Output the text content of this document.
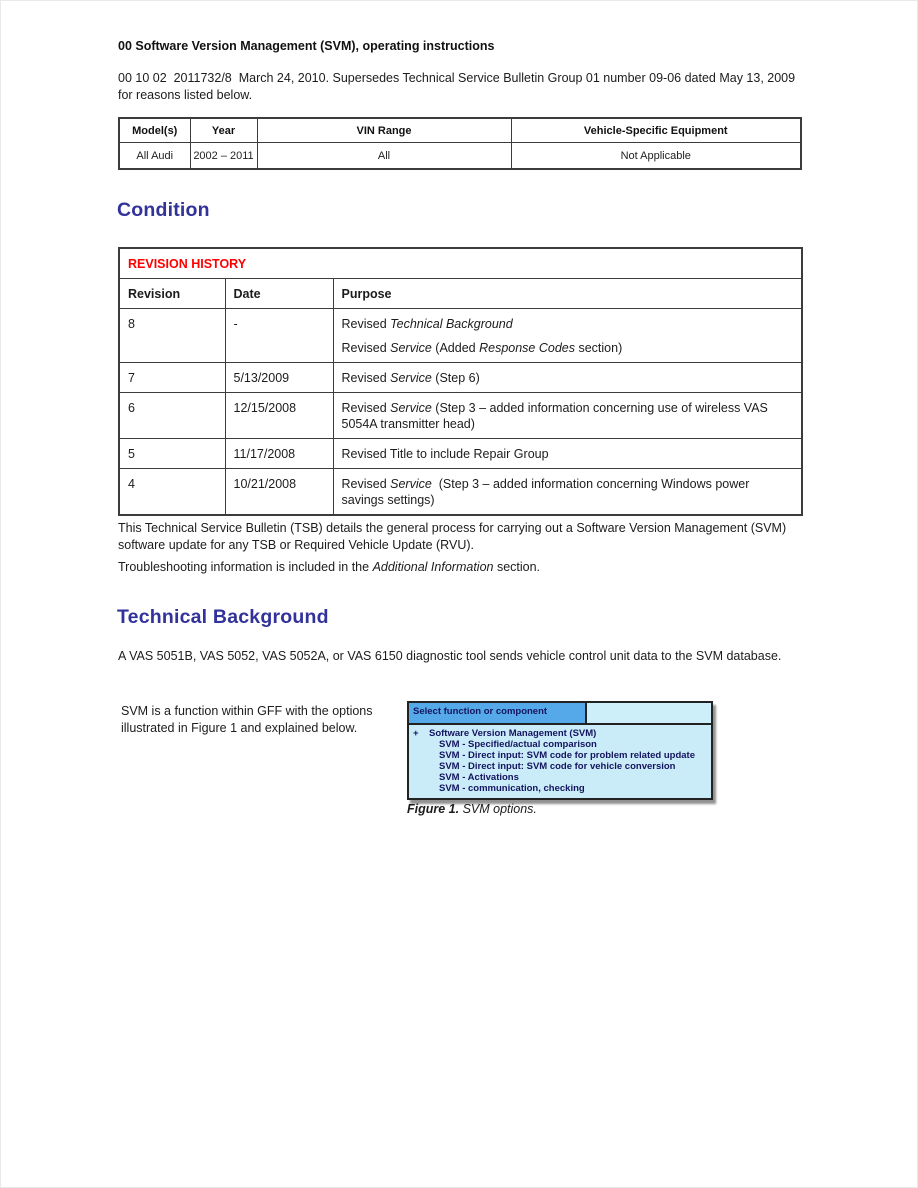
00 Software Version Management (SVM), operating instructions

00 10 02  2011732/8  March 24, 2010. Supersedes Technical Service Bulletin Group 01 number 09-06 dated May 13, 2009 for reasons listed below.

Model(s)	Year	VIN Range	Vehicle-Specific Equipment
All Audi	2002 – 2011	All	Not Applicable
Condition
REVISION HISTORY		
Revision	Date	Purpose
8	-	Revised Technical Background
Revised Service (Added Response Codes section)

7	5/13/2009	Revised Service (Step 6)

6	12/15/2008	Revised Service (Step 3 – added information concerning use of wireless VAS 5054A transmitter head)

5	11/17/2008	Revised Title to include Repair Group

4	10/21/2008	Revised Service  (Step 3 – added information concerning Windows power savings settings)

This Technical Service Bulletin (TSB) details the general process for carrying out a Software Version Management (SVM) software update for any TSB or Required Vehicle Update (RVU).

Troubleshooting information is included in the Additional Information section.

Technical Background

A VAS 5051B, VAS 5052, VAS 5052A, or VAS 6150 diagnostic tool sends vehicle control unit data to the SVM database.

SVM is a function within GFF with the options illustrated in Figure 1 and explained below.

Select function or component
+ Software Version Management (SVM)
SVM - Specified/actual comparison
SVM - Direct input: SVM code for problem related update
SVM - Direct input: SVM code for vehicle conversion
SVM - Activations
SVM - communication, checking

Figure 1. SVM options.
